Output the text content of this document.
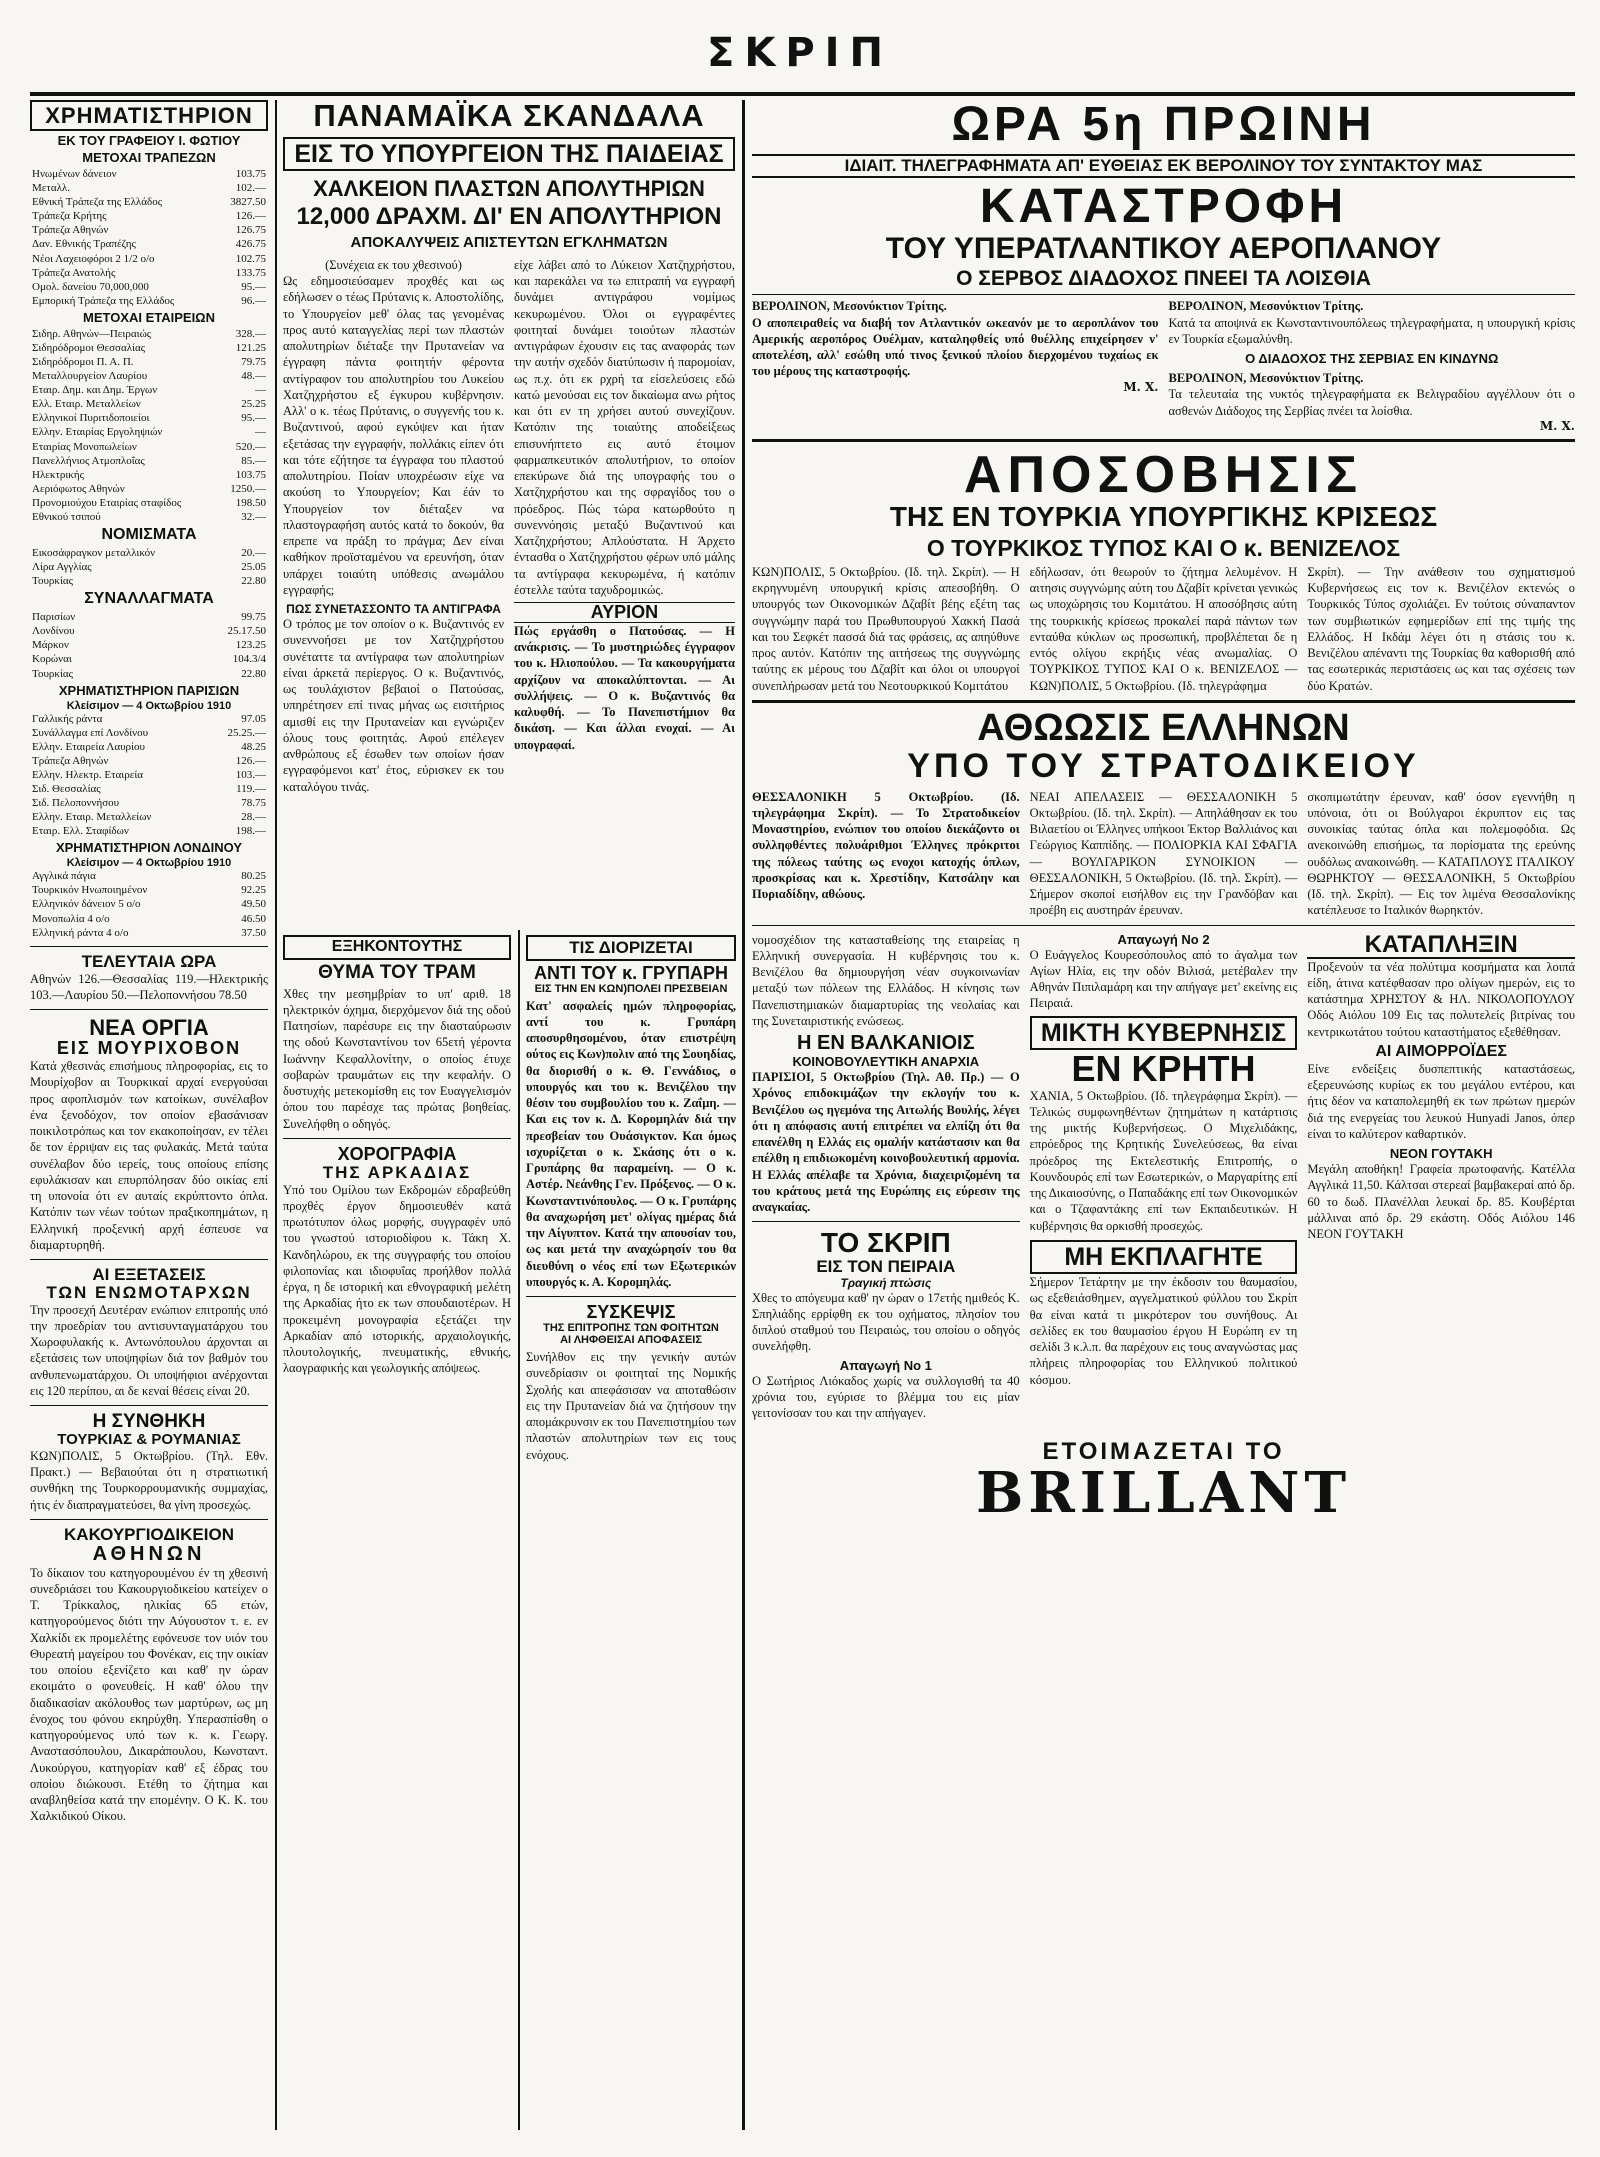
ΣΚΡΙΠ
ΧΡΗΜΑΤΙΣΤΗΡΙΟΝ
ΕΚ ΤΟΥ ΓΡΑΦΕΙΟΥ Ι. ΦΩΤΙΟΥ
ΜΕΤΟΧΑΙ ΤΡΑΠΕΖΩΝ
Ηνωμένων δάνειον	103.75
Μεταλλ.	102.—
Εθνική Τράπεζα της Ελλάδος	3827.50
Τράπεζα Κρήτης	126.—
Τράπεζα Αθηνών	126.75
Δαν. Εθνικής Τραπέζης	426.75
Νέοι Λαχειοφόροι 2 1/2 ο/ο	102.75
Τράπεζα Ανατολής	133.75
Ομολ. δανείου 70,000,000	95.—
Εμπορική Τράπεζα της Ελλάδος	96.—
ΜΕΤΟΧΑΙ ΕΤΑΙΡΕΙΩΝ
Σιδηρ. Αθηνών—Πειραιώς	328.—
Σιδηρόδρομοι Θεσσαλίας	121.25
Σιδηρόδρομοι Π. Α. Π.	79.75
Μεταλλουργείον Λαυρίου	48.—
Εταιρ. Δημ. και Δημ. Έργων	—
Ελλ. Εταιρ. Μεταλλείων	25.25
Ελληνικοί Πυριτιδοποιείοι	95.—
Ελλην. Εταιρίας Εργοληψιών	—
Εταιρίας Μονοπωλείων	520.—
Πανελλήνιος Ατμοπλοΐας	85.—
Ηλεκτρικής	103.75
Αεριόφωτος Αθηνών	1250.—
Προνομιούχου Εταιρίας σταφίδος	198.50
Εθνικού τσιπού	32.—
ΝΟΜΙΣΜΑΤΑ
Εικοσάφραγκον μεταλλικόν	20.—
Λίρα Αγγλίας	25.05
Τουρκίας	22.80
ΣΥΝΑΛΛΑΓΜΑΤΑ
Παρισίων	99.75
Λονδίνου	25.17.50
Μάρκον	123.25
Κορώναι	104.3/4
Τουρκίας	22.80
ΧΡΗΜΑΤΙΣΤΗΡΙΟΝ ΠΑΡΙΣΙΩΝ
Κλείσιμον — 4 Οκτωβρίου 1910
Γαλλικής ράντα	97.05
Συνάλλαγμα επί Λονδίνου	25.25.—
Ελλην. Εταιρεία Λαυρίου	48.25
Τράπεζα Αθηνών	126.—
Ελλην. Ηλεκτρ. Εταιρεία	103.—
Σιδ. Θεσσαλίας	119.—
Σιδ. Πελοποννήσου	78.75
Ελλην. Εταιρ. Μεταλλείων	28.—
Εταιρ. Ελλ. Σταφίδων	198.—
ΧΡΗΜΑΤΙΣΤΗΡΙΟΝ ΛΟΝΔΙΝΟΥ
Κλείσιμον — 4 Οκτωβρίου 1910
Αγγλικά πάγια	80.25
Τουρκικόν Ηνωποιημένον	92.25
Ελληνικόν δάνειον 5 ο/ο	49.50
Μονοπωλία 4 ο/ο	46.50
Ελληνική ράντα 4 ο/ο	37.50
ΤΕΛΕΥΤΑΙΑ ΩΡΑ
Αθηνών 126.—Θεσσαλίας 119.—Ηλεκτρικής 103.—Λαυρίου 50.—Πελοποννήσου 78.50
ΝΕΑ ΟΡΓΙΑ
ΕΙΣ ΜΟΥΡΙΧΟΒΟΝ
Κατά χθεσινάς επισήμους πληροφορίας, εις το Μουρίχοβον αι Τουρκικαί αρχαί ενεργούσαι προς αφοπλισμόν των κατοίκων, συνέλαβον ένα ξενοδόχον, τον οποίον εβασάνισαν ποικιλοτρόπως και τον εκακοποίησαν, εν τέλει δε τον έρριψαν εις τας φυλακάς. Μετά ταύτα συνέλαβον δύο ιερείς, τους οποίους επίσης εφυλάκισαν και επυρπόλησαν δύο οικίας επί τη υπονοία ότι εν αυταίς εκρύπτοντο όπλα. Κατόπιν των νέων τούτων πραξικοπημάτων, η Ελληνική προξενική αρχή έσπευσε να διαμαρτυρηθή.
ΑΙ ΕΞΕΤΑΣΕΙΣ
ΤΩΝ ΕΝΩΜΟΤΑΡΧΩΝ
Την προσεχή Δευτέραν ενώπιον επιτροπής υπό την προεδρίαν του αντισυνταγματάρχου του Χωροφυλακής κ. Αντωνόπουλου άρχονται αι εξετάσεις των υποψηφίων διά τον βαθμόν του ανθυπενωματάρχου. Οι υποψήφιοι ανέρχονται εις 120 περίπου, αι δε κεναί θέσεις είναι 20.
Η ΣΥΝΘΗΚΗ
ΤΟΥΡΚΙΑΣ & ΡΟΥΜΑΝΙΑΣ
ΚΩΝ)ΠΟΛΙΣ, 5 Οκτωβρίου. (Τηλ. Εθν. Πρακτ.) — Βεβαιούται ότι η στρατιωτική συνθήκη της Τουρκορρουμανικής συμμαχίας, ήτις έν διαπραγματεύσει, θα γίνη προσεχώς.
ΚΑΚΟΥΡΓΙΟΔΙΚΕΙΟΝ
ΑΘΗΝΩΝ
Το δίκαιον του κατηγορουμένου έν τη χθεσινή συνεδριάσει του Κακουργιοδικείου κατείχεν ο Τ. Τρίκκαλος, ηλικίας 65 ετών, κατηγορούμενος διότι την Αύγουστον τ. ε. εν Χαλκίδι εκ προμελέτης εφόνευσε τον υιόν του Θυρεατή μαγείρου του Φονέκαν, εις την οικίαν του οποίου εξενίζετο και καθ' ην ώραν εκοιμάτο ο φονευθείς. Η καθ' όλου την διαδικασίαν ακόλουθος των μαρτύρων, ως μη ένοχος του φόνου εκηρύχθη. Υπερασπίσθη ο κατηγορούμενος υπό των κ. κ. Γεωργ. Αναστασόπουλου, Δικαράπουλου, Κωνσταντ. Λυκούργου, κατηγορίαν καθ' εξ έδρας του οποίου διώκουσι. Ετέθη το ζήτημα και αναβληθείσα κατά την επομένην. Ο Κ. Κ. του Χαλκιδικού Οίκου.
ΠΑΝΑΜΑΪΚΑ ΣΚΑΝΔΑΛΑ
ΕΙΣ ΤΟ ΥΠΟΥΡΓΕΙΟΝ ΤΗΣ ΠΑΙΔΕΙΑΣ
ΧΑΛΚΕΙΟΝ ΠΛΑΣΤΩΝ ΑΠΟΛΥΤΗΡΙΩΝ
12,000 ΔΡΑΧΜ. ΔΙ' ΕΝ ΑΠΟΛΥΤΗΡΙΟΝ
ΑΠΟΚΑΛΥΨΕΙΣ ΑΠΙΣΤΕΥΤΩΝ ΕΓΚΛΗΜΑΤΩΝ
(Συνέχεια εκ του χθεσινού)
Ως εδημοσιεύσαμεν προχθές και ως εδήλωσεν ο τέως Πρύτανις κ. Αποστολίδης, το Υπουργείον μεθ' όλας τας γενομένας προς αυτό καταγγελίας περί των πλαστών απολυτηρίων διέταξε την Πρυτανείαν να έγγραφη πάντα φοιτητήν φέροντα αντίγραφον του απολυτηρίου του Λυκείου Χατζηχρήστου εξ έγκυρου κυβέρνησιν. Αλλ' ο κ. τέως Πρύτανις, ο συγγενής του κ. Βυζαντινού, αφού εγκύψεν και ήταν εξετάσας την εγγραφήν, πολλάκις είπεν ότι και τότε εζήτησε τα έγγραφα του πλαστού απολυτηρίου. Ποίαν υποχρέωσιν είχε να ακούση το Υπουργείον; Και έάν το Υπουργείον τον διέταξεν να πλαστογραφήση αυτός κατά το δοκούν, θα επρεπε να πράξη το πράγμα; Δεν είναι καθήκον προϊσταμένου να ερευνήση, όταν υπάρχει τοιαύτη υπόθεσις ανωμάλου εγγραφής;
είχε λάβει από το Λύκειον Χατζηχρήστου, και παρεκάλει να τω επιτραπή να εγγραφή δυνάμει αντιγράφου νομίμως κεκυρωμένου. Όλοι οι εγγραφέντες φοιτηταί δυνάμει τοιούτων πλαστών αντιγράφων έχουσιν εις τας αναφοράς των την αυτήν σχεδόν διατύπωσιν ή παρομοίαν, ως π.χ. ότι εκ ρχρή τα είσελεύσεις εδώ κατώ μενούσαι εις τον δικαίωμα ανω ρήτος και ότι εν τη χρήσει αυτού συνεχίζουν. Κατόπιν της τοιαύτης αποδείξεως επισυνήπτετο εις αυτό έτοιμον φαρμαπκευτικόν απολυτήριον, το οποίον επεκύρωνε διά της υπογραφής του ο Χατζηχρήστου και της σφραγίδος του ο πρόεδρος. Πώς τώρα κατωρθούτο η συνεννόησις μεταξύ Βυζαντινού και Χατζηχρήστου; Απλούστατα. Η Άρχετο έντασθα ο Χατζηχρήστου φέρων υπό μάλης τα αντίγραφα κεκυρωμένα, ή κατόπιν έστελλε ταύτα ταχυδρομικώς.
ΠΩΣ ΣΥΝΕΤΑΣΣΟΝΤΟ ΤΑ ΑΝΤΙΓΡΑΦΑ
Ο τρόπος με τον οποίον ο κ. Βυζαντινός εν συνεννοήσει με τον Χατζηχρήστου συνέταττε τα αντίγραφα των απολυτηρίων είναι άρκετά περίεργος. Ο κ. Βυζαντινός, ως τουλάχιστον βεβαιοί ο Πατούσας, υπηρέτησεν επί τινας μήνας ως εισιτήριος αμισθί εις την Πρυτανείαν και εγνώριζεν όλους τους φοιτητάς. Αφού επέλεγεν ανθρώπους εξ έσωθεν των οποίων ήσαν εγγραφόμενοι κατ' έτος, εύρισκεν εκ του καταλόγου τινάς.
ΑΥΡΙΟΝ
Πώς εργάσθη ο Πατούσας. — Η ανάκρισις. — Το μυστηριώδες έγγραφον του κ. Ηλιοπούλου. — Τα κακουργήματα αρχίζουν να αποκαλύπτονται. — Αι συλλήψεις. — Ο κ. Βυζαντινός θα καλυφθή. — Το Πανεπιστήμιον θα δικάση. — Και άλλαι ενοχαί. — Αι υπογραφαί.
ΕΞΗΚΟΝΤΟΥΤΗΣ
ΘΥΜΑ ΤΟΥ ΤΡΑΜ
Χθες την μεσημβρίαν το υπ' αριθ. 18 ηλεκτρικόν όχημα, διερχόμενον διά της οδού Πατησίων, παρέσυρε εις την διασταύρωσιν της οδού Κωνσταντίνου τον 65ετή γέροντα Ιωάννην Κεφαλλονίτην, ο οποίος έτυχε σοβαρών τραυμάτων εις την κεφαλήν. Ο δυστυχής μετεκομίσθη εις τον Ευαγγελισμόν όπου του παρέσχε τας πρώτας βοηθείας. Συνελήφθη ο οδηγός.
ΧΟΡΟΓΡΑΦΙΑ
ΤΗΣ ΑΡΚΑΔΙΑΣ
Υπό του Ομίλου των Εκδρομών εδραβεύθη προχθές έργον δημοσιευθέν κατά πρωτότυπον όλως μορφής, συγγραφέν υπό του γνωστού ιστοριοδίφου κ. Τάκη Χ. Κανδηλώρου, εκ της συγγραφής του οποίου φιλοπονίας και ιδιοφυΐας προήλθον πολλά έργα, η δε ιστορική και εθνογραφική μελέτη της Αρκαδίας ήτο εκ των σπουδαιοτέρων. Η προκειμένη μονογραφία εξετάζει την Αρκαδίαν από ιστορικής, αρχαιολογικής, πλουτολογικής, πνευματικής, εθνικής, λαογραφικής και γεωλογικής απόψεως.
ΤΙΣ ΔΙΟΡΙΖΕΤΑΙ
ΑΝΤΙ ΤΟΥ κ. ΓΡΥΠΑΡΗ
ΕΙΣ ΤΗΝ ΕΝ ΚΩΝ)ΠΟΛΕΙ ΠΡΕΣΒΕΙΑΝ
Κατ' ασφαλείς ημών πληροφορίας, αντί του κ. Γρυπάρη αποσυρθησομένου, όταν επιστρέψη ούτος εις Κων)πολιν από της Σουηδίας, θα διορισθή ο κ. Θ. Γεννάδιος, ο υπουργός και του κ. Βενιζέλου την θέσιν του συμβουλίου του κ. Ζαΐμη. — Και εις τον κ. Δ. Κορομηλάν διά την πρεσβείαν του Ουάσιγκτον. Και όμως ισχυρίζεται ο κ. Σκάσης ότι ο κ. Γρυπάρης θα παραμείνη. — Ο κ. Αστέρ. Νεάνθης Γεν. Πρόξενος. — Ο κ. Κωνσταντινόπουλος. — Ο κ. Γρυπάρης θα αναχωρήση μετ' ολίγας ημέρας διά την Αίγυπτον. Κατά την απουσίαν του, ως και μετά την αναχώρησίν του θα διευθύνη ο νέος επί των Εξωτερικών υπουργός κ. Α. Κορομηλάς.
ΣΥΣΚΕΨΙΣ
ΤΗΣ ΕΠΙΤΡΟΠΗΣ ΤΩΝ ΦΟΙΤΗΤΩΝ
ΑΙ ΛΗΦΘΕΙΣΑΙ ΑΠΟΦΑΣΕΙΣ
Συνήλθον εις την γενικήν αυτών συνεδρίασιν οι φοιτηταί της Νομικής Σχολής και απεφάσισαν να αποταθώσιν εις την Πρυτανείαν διά να ζητήσουν την απομάκρυνσιν εκ του Πανεπιστημίου των πλαστών απολυτηρίων των εις τους ενόχους.
ΩΡΑ 5η ΠΡΩΙΝΗ
ΙΔΙΑΙΤ. ΤΗΛΕΓΡΑΦΗΜΑΤΑ ΑΠ' ΕΥΘΕΙΑΣ ΕΚ ΒΕΡΟΛΙΝΟΥ ΤΟΥ ΣΥΝΤΑΚΤΟΥ ΜΑΣ
ΚΑΤΑΣΤΡΟΦΗ
ΤΟΥ ΥΠΕΡΑΤΛΑΝΤΙΚΟΥ ΑΕΡΟΠΛΑΝΟΥ
Ο ΣΕΡΒΟΣ ΔΙΑΔΟΧΟΣ ΠΝΕΕΙ ΤΑ ΛΟΙΣΘΙΑ
ΒΕΡΟΛΙΝΟΝ, Μεσονύκτιον Τρίτης.
Ο αποπειραθείς να διαβή τον Ατλαντικόν ωκεανόν με το αεροπλάνον του Αμερικής αεροπόρος Ουέλμαν, καταληφθείς υπό θυέλλης επιχείρησεν ν' αποτελέση, αλλ' εσώθη υπό τινος ξενικού πλοίου διερχομένου τυχαίως εκ του μέρους της καταστροφής.
Μ. Χ.
ΒΕΡΟΛΙΝΟΝ, Μεσονύκτιον Τρίτης.
Κατά τα αποψινά εκ Κωνσταντινουπόλεως τηλεγραφήματα, η υπουργική κρίσις εν Τουρκία εξωμαλύνθη.
Ο ΔΙΑΔΟΧΟΣ ΤΗΣ ΣΕΡΒΙΑΣ ΕΝ ΚΙΝΔΥΝΩ
ΒΕΡΟΛΙΝΟΝ, Μεσονύκτιον Τρίτης.
Τα τελευταία της νυκτός τηλεγραφήματα εκ Βελιγραδίου αγγέλλουν ότι ο ασθενών Διάδοχος της Σερβίας πνέει τα λοίσθια.
Μ. Χ.
ΑΠΟΣΟΒΗΣΙΣ
ΤΗΣ ΕΝ ΤΟΥΡΚΙΑ ΥΠΟΥΡΓΙΚΗΣ ΚΡΙΣΕΩΣ
Ο ΤΟΥΡΚΙΚΟΣ ΤΥΠΟΣ ΚΑΙ Ο κ. ΒΕΝΙΖΕΛΟΣ
ΚΩΝ)ΠΟΛΙΣ, 5 Οκτωβρίου. (Ιδ. τηλ. Σκρίπ). — Η εκρηγνυμένη υπουργική κρίσις απεσοβήθη. Ο υπουργός των Οικονομικών Δζαβίτ βέης εξέτη τας συγγνώμην παρά του Πρωθυπουργού Χακκή Πασά και του Σεφκέτ πασσά διά τας φράσεις, ας απηύθυνε προς αυτόν. Κατόπιν της αιτήσεως της συγγνώμης ταύτης εκ μέρους του Δζαβίτ και όλοι οι υπουργοί συνεπλήρωσαν μετά του Νεοτουρκικού Κομιτάτου
εδήλωσαν, ότι θεωρούν το ζήτημα λελυμένον. Η αιτησις συγγνώμης αύτη του Δζαβίτ κρίνεται γενικώς ως υποχώρησις του Κομιτάτου. Η αποσόβησις αύτη της τουρκικής κρίσεως προκαλεί παρά πάντων των ενταύθα κύκλων ως προσωπική, προβλέπεται δε η εντός ολίγου εκρήξις νέας ανωμαλίας. Ο ΤΟΥΡΚΙΚΟΣ ΤΥΠΟΣ ΚΑΙ Ο κ. ΒΕΝΙΖΕΛΟΣ — ΚΩΝ)ΠΟΛΙΣ, 5 Οκτωβρίου. (Ιδ. τηλεγράφημα
Σκρίπ). — Την ανάθεσιν του σχηματισμού Κυβερνήσεως εις τον κ. Βενιζέλον εκτενώς ο Τουρκικός Τύπος σχολιάζει. Εν τούτοις σύναπαντον των συμβιωτικών εφημερίδων επί της τιμής της Ελλάδος. Η Ικδάμ λέγει ότι η στάσις του κ. Βενιζέλου απέναντι της Τουρκίας θα καθορισθή από τας εσωτερικάς περιστάσεις ως και τας σχέσεις των δύο Κρατών.
ΑΘΩΩΣΙΣ ΕΛΛΗΝΩΝ
ΥΠΟ ΤΟΥ ΣΤΡΑΤΟΔΙΚΕΙΟΥ
ΘΕΣΣΑΛΟΝΙΚΗ 5 Οκτωβρίου. (Ιδ. τηλεγράφημα Σκρίπ). — Το Στρατοδικείον Μοναστηρίου, ενώπιον του οποίου διεκάζοντο οι συλληφθέντες πολυάριθμοι Έλληνες πρόκριτοι της πόλεως ταύτης ως ενοχοι κατοχής όπλων, προσκρίσας και κ. Χρεστίδην, Κατσάλην και Πυριαδίδην, αθώους.
ΝΕΑΙ ΑΠΕΛΑΣΕΙΣ — ΘΕΣΣΑΛΟΝΙΚΗ 5 Οκτωβρίου. (Ιδ. τηλ. Σκρίπ). — Απηλάθησαν εκ του Βιλαετίου οι Έλληνες υπήκοοι Έκτορ Βαλλιάνος και Γεώργιος Καππίδης. — ΠΟΛΙΟΡΚΙΑ ΚΑΙ ΣΦΑΓΙΑ — ΒΟΥΛΓΑΡΙΚΟΝ ΣΥΝΟΙΚΙΟΝ — ΘΕΣΣΑΛΟΝΙΚΗ, 5 Οκτωβρίου. (Ιδ. τηλ. Σκρίπ). — Σήμερον σκοποί εισήλθον εις την Γρανδόβαν και προέβη εις αυστηράν έρευναν.
σκοπιμωτάτην έρευναν, καθ' όσον εγεννήθη η υπόνοια, ότι οι Βούλγαροι έκρυπτον εις τας συνοικίας ταύτας όπλα και πολεμοφόδια. Ως ανεκοινώθη επισήμως, τα πορίσματα της ερεύνης ουδόλως ανακοινώθη. — ΚΑΤΑΠΛΟΥΣ ΙΤΑΛΙΚΟΥ ΘΩΡΗΚΤΟΥ — ΘΕΣΣΑΛΟΝΙΚΗ, 5 Οκτωβρίου (Ιδ. τηλ. Σκρίπ). — Εις τον λιμένα Θεσσαλονίκης κατέπλευσε το Ιταλικόν θωρηκτόν.
νομοσχέδιον της κατασταθείσης της εταιρείας η Ελληνική συνεργασία. Η κυβέρνησις του κ. Βενιζέλου θα δημιουργήση νέαν συγκοινωνίαν μεταξύ των πόλεων της Ελλάδος. Η κίνησις των Πανεπιστημιακών διαμαρτυρίας της νεολαίας και της Συνεταιριστικής ενώσεως.
Η ΕΝ ΒΑΛΚΑΝΙΟΙΣ
ΚΟΙΝΟΒΟΥΛΕΥΤΙΚΗ ΑΝΑΡΧΙΑ
ΠΑΡΙΣΙΟΙ, 5 Οκτωβρίου (Τηλ. Αθ. Πρ.) — Ο Χρόνος επιδοκιμάζων την εκλογήν του κ. Βενιζέλου ως ηγεμόνα της Αιτωλής Βουλής, λέγει ότι η απόφασις αυτή επιτρέπει να ελπίζη ότι θα επανέλθη η Ελλάς εις ομαλήν κατάστασιν και θα επέλθη η επιδιωκομένη κοινοβουλευτική αρμονία. Η Ελλάς απέλαβε τα Χρόνια, διαχειριζομένη τα του κράτους μετά της Ευρώπης εις εύρεσιν της αναγκαίας.
ΤΟ ΣΚΡΙΠ
ΕΙΣ ΤΟΝ ΠΕΙΡΑΙΑ
Τραγική πτώσις
Χθες το απόγευμα καθ' ην ώραν ο 17ετής ημιθεός Κ. Σπηλιάδης ερρίφθη εκ του οχήματος, πλησίον του διπλού σταθμού του Πειραιώς, του οποίου ο οδηγός συνελήφθη.
Απαγωγή Νο 1
Ο Σωτήριος Λιόκαδος χωρίς να συλλογισθή τα 40 χρόνια του, εγύρισε το βλέμμα του εις μίαν γειτονίσσαν του και την απήγαγεν.
Απαγωγή Νο 2
Ο Ευάγγελος Κουρεσόπουλος από το άγαλμα των Αγίων Ηλία, εις την οδόν Βιλισά, μετέβαλεν την Αθηνάν Πιπιλαμάρη και την απήγαγε μετ' εκείνης εις Πειραιά.
ΜΙΚΤΗ ΚΥΒΕΡΝΗΣΙΣ
ΕΝ ΚΡΗΤΗ
ΧΑΝΙΑ, 5 Οκτωβρίου. (Ιδ. τηλεγράφημα Σκρίπ). — Τελικώς συμφωνηθέντων ζητημάτων η κατάρτισις της μικτής Κυβερνήσεως. Ο Μιχελιδάκης, επρόεδρος της Κρητικής Συνελεύσεως, θα είναι πρόεδρος της Εκτελεστικής Επιτροπής, ο Κουνδουρός επί των Εσωτερικών, ο Μαργαρίτης επί της Δικαιοσύνης, ο Παπαδάκης επί των Οικονομικών και ο Τζαφαντάκης επί των Εκπαιδευτικών. Η κυβέρνησις θα ορκισθή προσεχώς.
ΜΗ ΕΚΠΛΑΓΗΤΕ
Σήμερον Τετάρτην με την έκδοσιν του θαυμασίου, ως εξεθειάσθημεν, αγγελματικού φύλλου του Σκρίπ θα είναι κατά τι μικρότερον του συνήθους. Αι σελίδες εκ του θαυμασίου έργου Η Ευρώπη εν τη σελίδι 3 κ.λ.π. θα παρέχουν εις τους αναγνώστας μας πλήρεις πληροφορίας του Ελληνικού πολιτικού κόσμου.
ΚΑΤΑΠΛΗΞΙΝ
Προξενούν τα νέα πολύτιμα κοσμήματα και λοιπά είδη, άτινα κατέφθασαν προ ολίγων ημερών, εις το κατάστημα ΧΡΗΣΤΟΥ & ΗΛ. ΝΙΚΟΛΟΠΟΥΛΟΥ Οδός Αιόλου 109 Εις τας πολυτελείς βιτρίνας του κεντρικωτάτου τούτου καταστήματος εξεθέθησαν.
ΑΙ ΑΙΜΟΡΡΟΪΔΕΣ
Είνε ενδείξεις δυσπεπτικής καταστάσεως, εξερευνώσης κυρίως εκ του μεγάλου εντέρου, και ήτις δέον να καταπολεμηθή εκ των πρώτων ημερών διά της ενεργείας του λευκού Hunyadi Janos, όπερ είναι το καλύτερον καθαρτικόν.
ΝΕΟΝ ΓΟΥΤΑΚΗ
Μεγάλη αποθήκη! Γραφεία πρωτοφανής. Κατέλλα Αγγλικά 11,50. Κάλτσαι στερεαί βαμβακεραί από δρ. 60 το δωδ. Πλανέλλαι λευκαί δρ. 85. Κουβέρται μάλλιναι από δρ. 29 εκάστη. Οδός Αιόλου 146 ΝΕΟΝ ΓΟΥΤΑΚΗ
ΕΤΟΙΜΑΖΕΤΑΙ ΤΟ
BRILLANT
